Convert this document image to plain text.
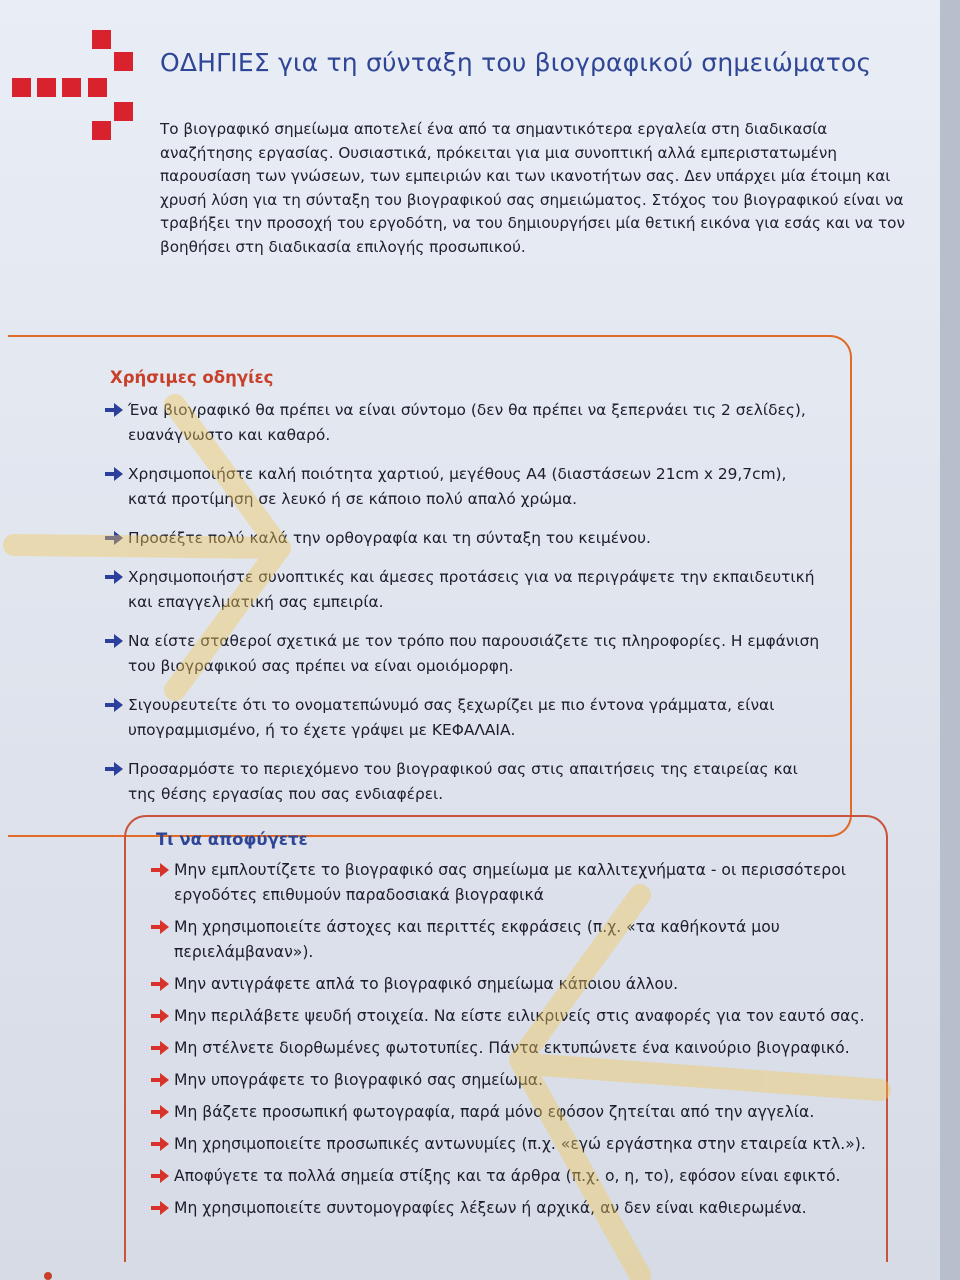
ΟΔΗΓΙΕΣ για τη σύνταξη του βιογραφικού σημειώματος
Το βιογραφικό σημείωμα αποτελεί ένα από τα σημαντικότερα εργαλεία στη διαδικασία αναζήτησης εργασίας. Ουσιαστικά, πρόκειται για μια συνοπτική αλλά εμπεριστατωμένη παρουσίαση των γνώσεων, των εμπειριών και των ικανοτήτων σας. Δεν υπάρχει μία έτοιμη και χρυσή λύση για τη σύνταξη του βιογραφικού σας σημειώματος. Στόχος του βιογραφικού είναι να τραβήξει την προσοχή του εργοδότη, να του δημιουργήσει μία θετική εικόνα για εσάς και να τον βοηθήσει στη διαδικασία επιλογής προσωπικού.
Χρήσιμες οδηγίες
Ένα βιογραφικό θα πρέπει να είναι σύντομο (δεν θα πρέπει να ξεπερνάει τις 2 σελίδες), ευανάγνωστο και καθαρό.
Χρησιμοποιήστε καλή ποιότητα χαρτιού, μεγέθους Α4 (διαστάσεων 21cm x 29,7cm), κατά προτίμηση σε λευκό ή σε κάποιο πολύ απαλό χρώμα.
Προσέξτε πολύ καλά την ορθογραφία και τη σύνταξη του κειμένου.
Χρησιμοποιήστε συνοπτικές και άμεσες προτάσεις για να περιγράψετε την εκπαιδευτική και επαγγελματική σας εμπειρία.
Να είστε σταθεροί σχετικά με τον τρόπο που παρουσιάζετε τις πληροφορίες. Η εμφάνιση του βιογραφικού σας πρέπει να είναι ομοιόμορφη.
Σιγουρευτείτε ότι το ονοματεπώνυμό σας ξεχωρίζει με πιο έντονα γράμματα, είναι υπογραμμισμένο, ή το έχετε γράψει με ΚΕΦΑΛΑΙΑ.
Προσαρμόστε το περιεχόμενο του βιογραφικού σας στις απαιτήσεις της εταιρείας και της θέσης εργασίας που σας ενδιαφέρει.
Τι να αποφύγετε
Μην εμπλουτίζετε το βιογραφικό σας σημείωμα με καλλιτεχνήματα - οι περισσότεροι εργοδότες επιθυμούν παραδοσιακά βιογραφικά
Μη χρησιμοποιείτε άστοχες και περιττές εκφράσεις (π.χ. «τα καθήκοντά μου περιελάμβαναν»).
Μην αντιγράφετε απλά το βιογραφικό σημείωμα κάποιου άλλου.
Μην περιλάβετε ψευδή στοιχεία. Να είστε ειλικρινείς στις αναφορές για τον εαυτό σας.
Μη στέλνετε διορθωμένες φωτοτυπίες. Πάντα εκτυπώνετε ένα καινούριο βιογραφικό.
Μην υπογράφετε το βιογραφικό σας σημείωμα.
Μη βάζετε προσωπική φωτογραφία, παρά μόνο εφόσον ζητείται από την αγγελία.
Μη χρησιμοποιείτε προσωπικές αντωνυμίες (π.χ. «εγώ εργάστηκα στην εταιρεία κτλ.»).
Αποφύγετε τα πολλά σημεία στίξης και τα άρθρα (π.χ. ο, η, το), εφόσον είναι εφικτό.
Μη χρησιμοποιείτε συντομογραφίες λέξεων ή αρχικά, αν δεν είναι καθιερωμένα.
